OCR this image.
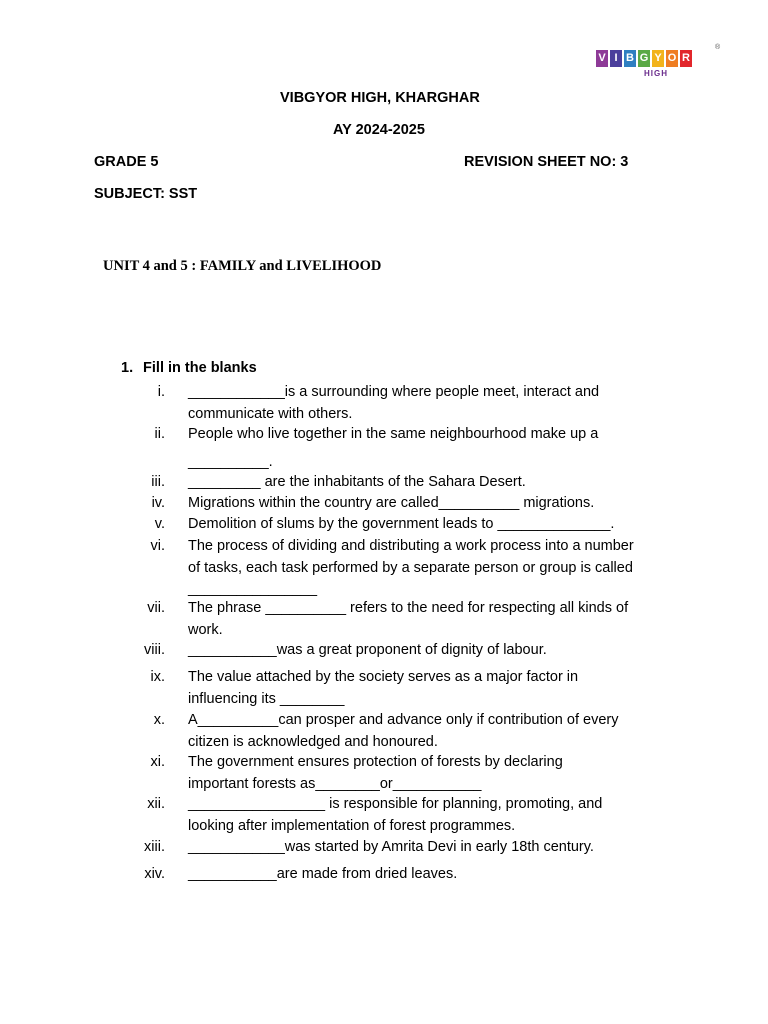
V I B G Y O R
®
HIGH
VIBGYOR HIGH, KHARGHAR
AY 2024-2025
GRADE 5	REVISION SHEET NO: 3
SUBJECT: SST
UNIT 4 and 5 : FAMILY and LIVELIHOOD
1. Fill in the blanks
i. ____________is a surrounding where people meet, interact and
communicate with others.
ii. People who live together in the same neighbourhood make up a
__________.
iii. _________ are the inhabitants of the Sahara Desert.
iv. Migrations within the country are called__________ migrations.
v. Demolition of slums by the government leads to ______________.
vi. The process of dividing and distributing a work process into a number
of tasks, each task performed by a separate person or group is called
________________
vii. The phrase __________ refers to the need for respecting all kinds of
work.
viii. ___________was a great proponent of dignity of labour.
ix. The value attached by the society serves as a major factor in
influencing its ________
x. A__________can prosper and advance only if contribution of every
citizen is acknowledged and honoured.
xi. The government ensures protection of forests by declaring
important forests as________or___________
xii. _________________ is responsible for planning, promoting, and
looking after implementation of forest programmes.
xiii. ____________was started by Amrita Devi in early 18th century.
xiv. ___________are made from dried leaves.
